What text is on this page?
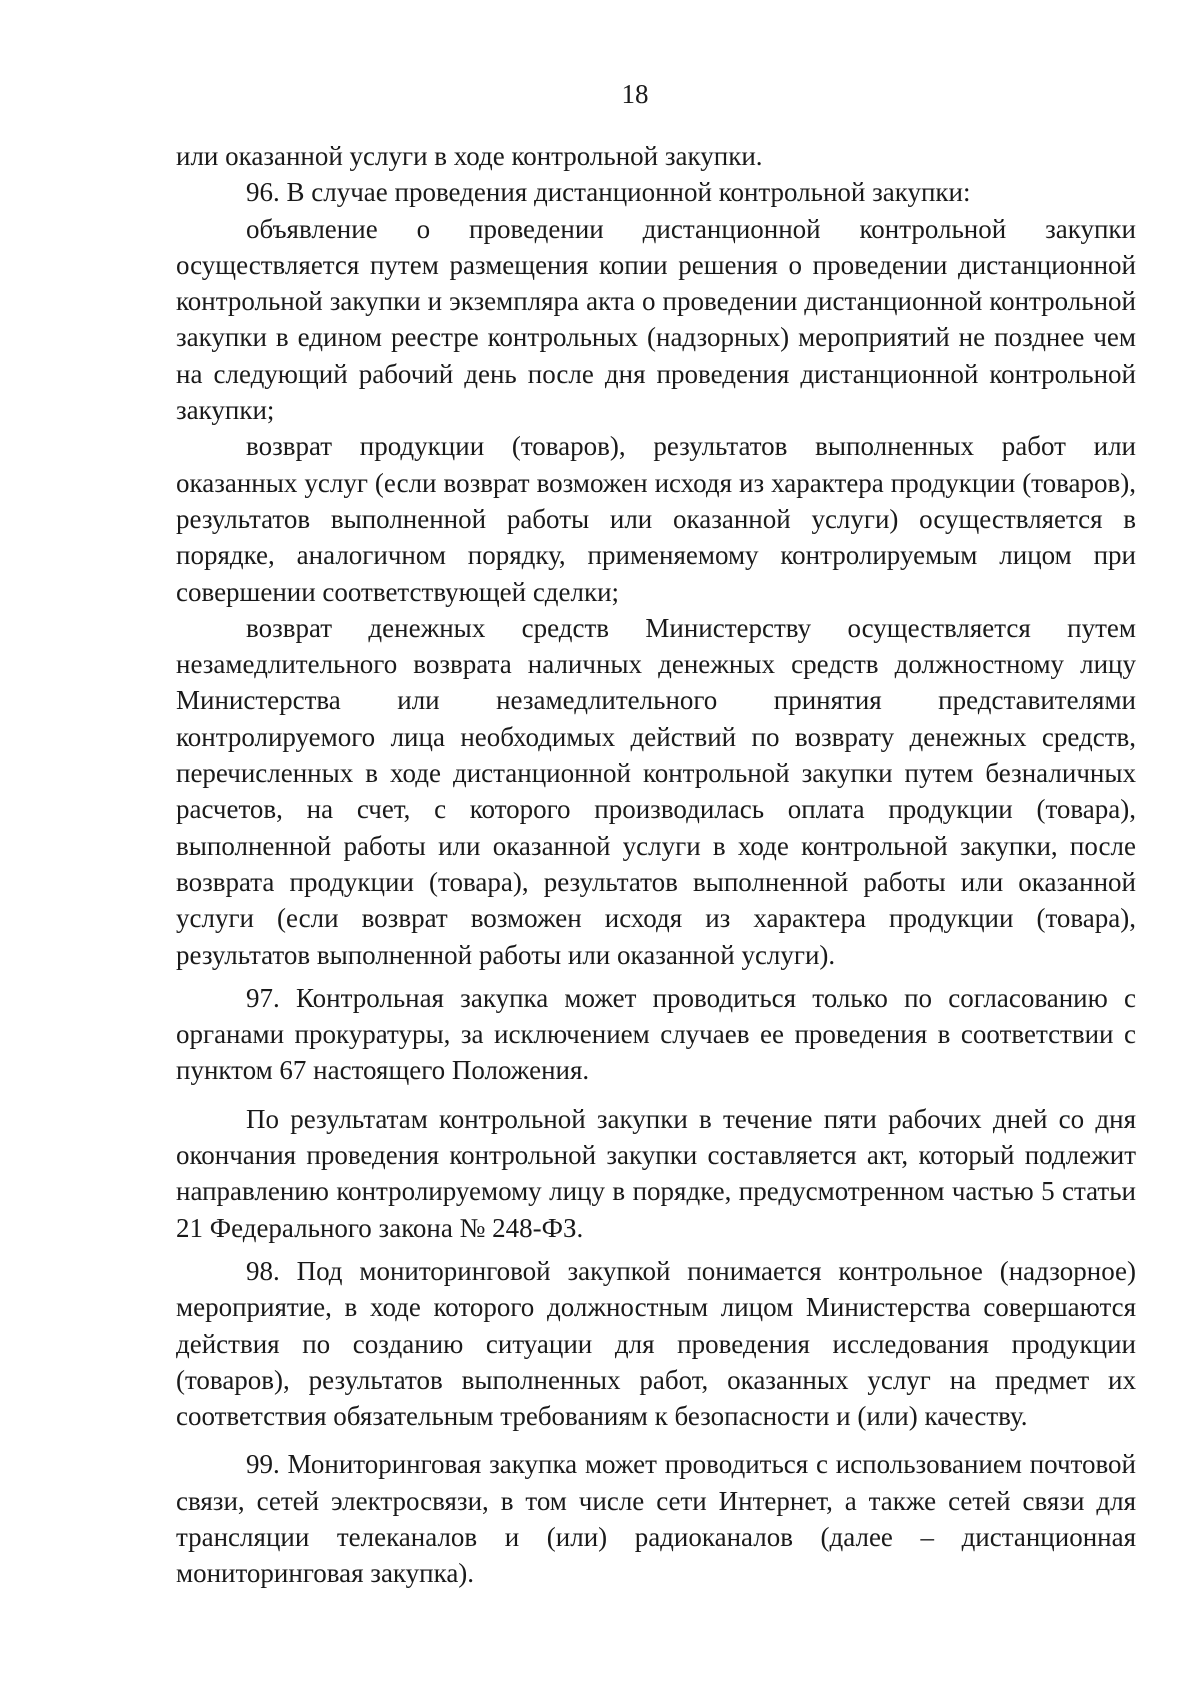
18

или оказанной услуги в ходе контрольной закупки.

96. В случае проведения дистанционной контрольной закупки:

объявление о проведении дистанционной контрольной закупки осуществляется путем размещения копии решения о проведении дистанционной контрольной закупки и экземпляра акта о проведении дистанционной контрольной закупки в едином реестре контрольных (надзорных) мероприятий не позднее чем на следующий рабочий день после дня проведения дистанционной контрольной закупки;

возврат продукции (товаров), результатов выполненных работ или оказанных услуг (если возврат возможен исходя из характера продукции (товаров), результатов выполненной работы или оказанной услуги) осуществляется в порядке, аналогичном порядку, применяемому контролируемым лицом при совершении соответствующей сделки;

возврат денежных средств Министерству осуществляется путем незамедлительного возврата наличных денежных средств должностному лицу Министерства или незамедлительного принятия представителями контролируемого лица необходимых действий по возврату денежных средств, перечисленных в ходе дистанционной контрольной закупки путем безналичных расчетов, на счет, с которого производилась оплата продукции (товара), выполненной работы или оказанной услуги в ходе контрольной закупки, после возврата продукции (товара), результатов выполненной работы или оказанной услуги (если возврат возможен исходя из характера продукции (товара), результатов выполненной работы или оказанной услуги).

97. Контрольная закупка может проводиться только по согласованию с органами прокуратуры, за исключением случаев ее проведения в соответствии с пунктом 67 настоящего Положения.

По результатам контрольной закупки в течение пяти рабочих дней со дня окончания проведения контрольной закупки составляется акт, который подлежит направлению контролируемому лицу в порядке, предусмотренном частью 5 статьи 21 Федерального закона № 248-ФЗ.

98. Под мониторинговой закупкой понимается контрольное (надзорное) мероприятие, в ходе которого должностным лицом Министерства совершаются действия по созданию ситуации для проведения исследования продукции (товаров), результатов выполненных работ, оказанных услуг на предмет их соответствия обязательным требованиям к безопасности и (или) качеству.

99. Мониторинговая закупка может проводиться с использованием почтовой связи, сетей электросвязи, в том числе сети Интернет, а также сетей связи для трансляции телеканалов и (или) радиоканалов (далее – дистанционная мониторинговая закупка).
